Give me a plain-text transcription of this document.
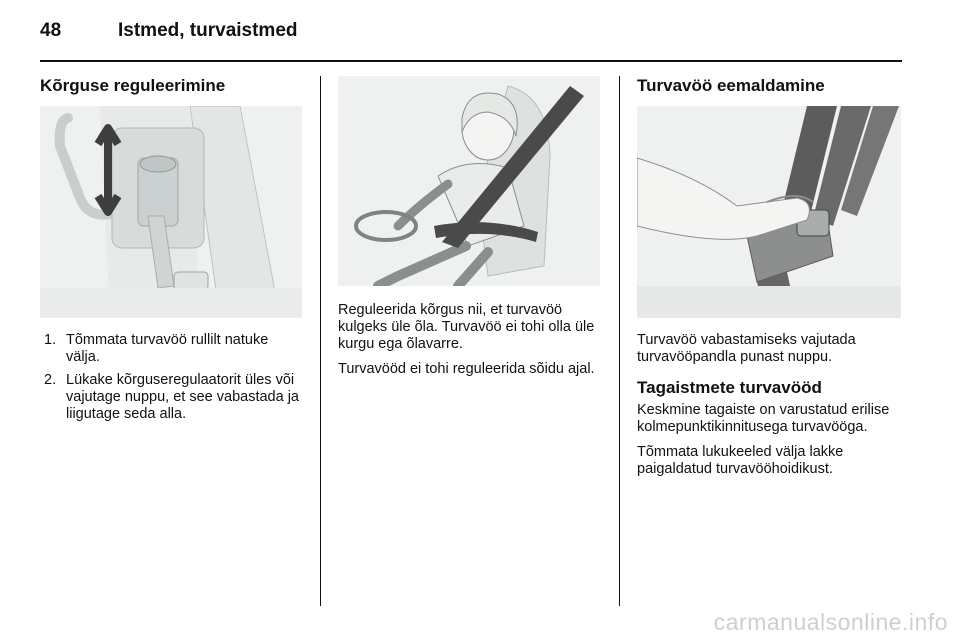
48	Istmed, turvaistmed
Kõrguse reguleerimine
1. Tõmmata turvavöö rullilt natuke välja.
2. Lükake kõrguseregulaatorit üles või vajutage nuppu, et see vabastada ja liigutage seda alla.

Reguleerida kõrgus nii, et turvavöö kulgeks üle õla. Turvavöö ei tohi olla üle kurgu ega õlavarre.

Turvavööd ei tohi reguleerida sõidu ajal.

Turvavöö eemaldamine

Turvavöö vabastamiseks vajutada turvavööpandla punast nuppu.

Tagaistmete turvavööd

Keskmine tagaiste on varustatud erilise kolmepunktikinnitusega turvavööga.

Tõmmata lukukeeled välja lakke paigaldatud turvavööhoidikust.

carmanualsonline.info
